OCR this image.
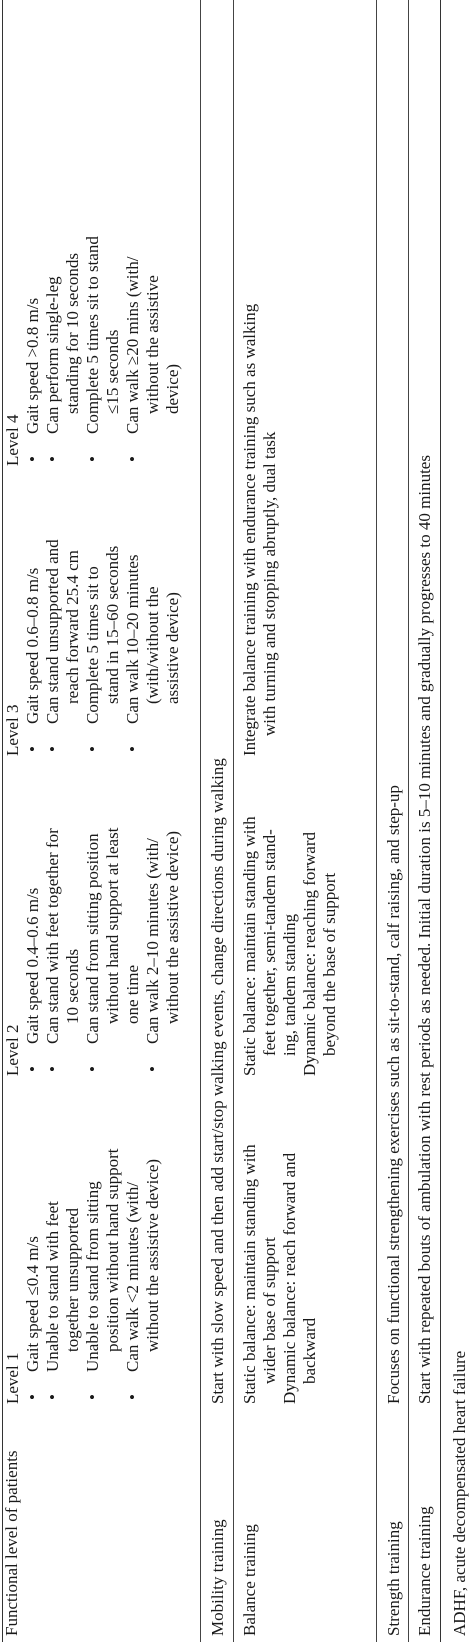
Functional level of patients
Level 1
• Gait speed ≤0.4 m/s • Unable to stand with feet together unsupported • Unable to stand from sitting position without hand support • Can walk <2 minutes (with/ without the assistive device)
Level 2
• Gait speed 0.4–0.6 m/s • Can stand with feet together for 10 seconds • Can stand from sitting position without hand support at least one time • Can walk 2–10 minutes (with/ without the assistive device)
Level 3
• Gait speed 0.6–0.8 m/s • Can stand unsupported and reach forward 25.4 cm • Complete 5 times sit to stand in 15–60 seconds • Can walk 10–20 minutes (with/without the assistive device)
Level 4
• Gait speed >0.8 m/s • Can perform single-leg standing for 10 seconds • Complete 5 times sit to stand ≤15 seconds • Can walk ≥20 mins (with/ without the assistive device)
Mobility training
Start with slow speed and then add start/stop walking events, change directions during walking
Balance training
Static balance: maintain standing with wider base of support Dynamic balance: reach forward and backward
Static balance: maintain standing with feet together, semi-tandem stand- ing, tandem standing Dynamic balance: reaching forward beyond the base of support
Integrate balance training with endurance training such as walking with turning and stopping abruptly, dual task
Strength training
Focuses on functional strengthening exercises such as sit-to-stand, calf raising, and step-up
Endurance training
Start with repeated bouts of ambulation with rest periods as needed. Initial duration is 5–10 minutes and gradually progresses to 40 minutes
ADHF, acute decompensated heart failure
